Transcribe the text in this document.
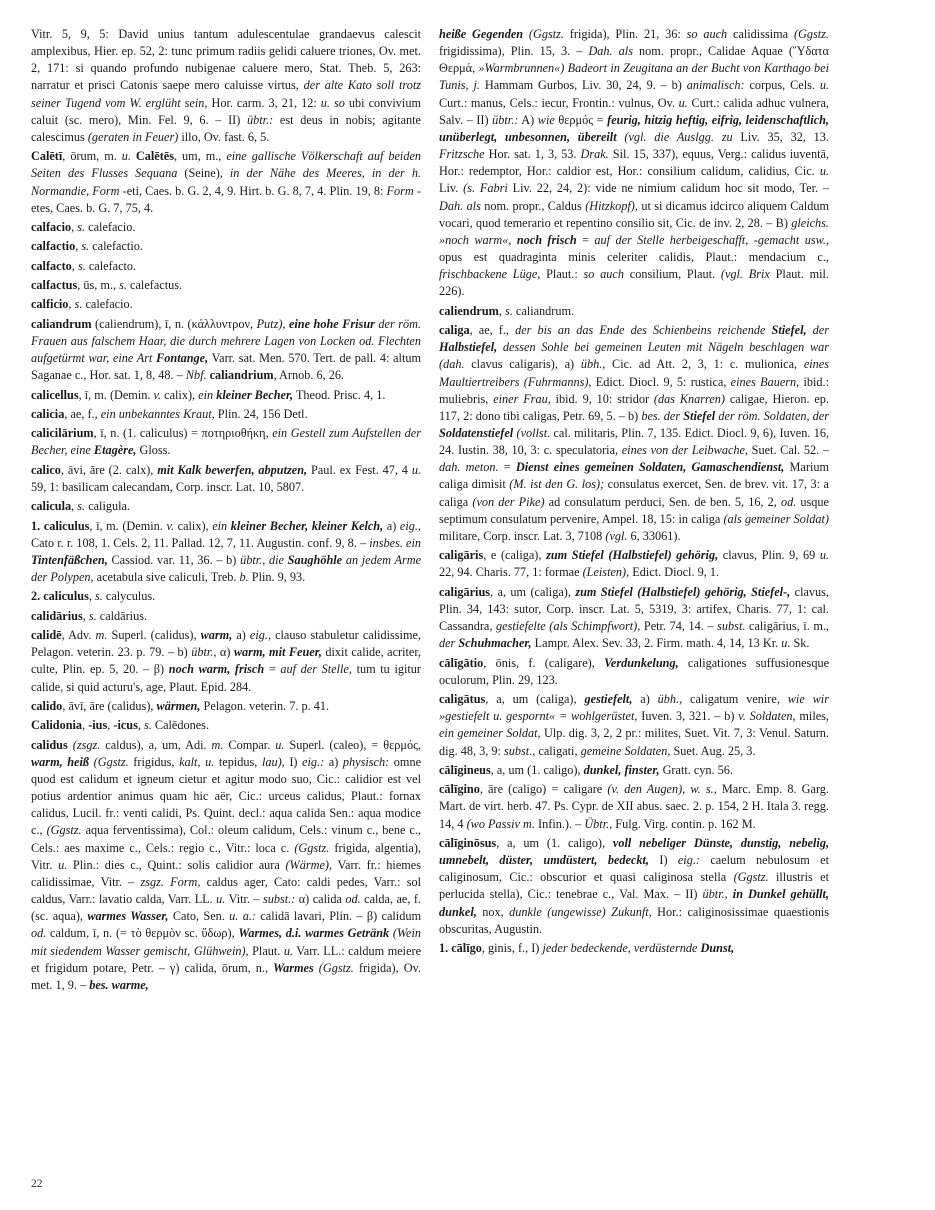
Vitr. 5, 9, 5: David unius tantum adulescentulae grandaevus calescit amplexibus, Hier. ep. 52, 2: tunc primum radiis gelidi caluere triones, Ov. met. 2, 171: si quando profundo nubigenae caluere mero, Stat. Theb. 5, 263: narratur et prisci Catonis saepe mero caluisse virtus, der alte Kato soll trotz seiner Tugend vom W. erglüht sein, Hor. carm. 3, 21, 12: u. so ubi convivium caluit (sc. mero), Min. Fel. 9, 6. – II) übtr.: est deus in nobis; agitante calescimus (geraten in Feuer) illo, Ov. fast. 6, 5.

Calētī, ōrum, m. u. Calētēs, um, m., eine gallische Völkerschaft auf beiden Seiten des Flusses Sequana (Seine), in der Nähe des Meeres, in der h. Normandie, Form -eti, Caes. b. G. 2, 4, 9. Hirt. b. G. 8, 7, 4. Plin. 19, 8: Form -etes, Caes. b. G. 7, 75, 4.

calfacio, s. calefacio.

calfactio, s. calefactio.

calfacto, s. calefacto.

calfactus, ūs, m., s. calefactus.

calficio, s. calefacio.

caliandrum (caliendrum), ī, n. (κάλλυντρον, Putz), eine hohe Frisur der röm. Frauen aus falschem Haar, die durch mehrere Lagen von Locken od. Flechten aufgetürmt war, eine Art Fontange, Varr. sat. Men. 570. Tert. de pall. 4: altum Saganae c., Hor. sat. 1, 8, 48. – Nbf. caliandrium, Arnob. 6, 26.

calicellus, ī, m. (Demin. v. calix), ein kleiner Becher, Theod. Prisc. 4, 1.

calicia, ae, f., ein unbekanntes Kraut, Plin. 24, 156 Detl.

calicilārium, ī, n. (1. caliculus) = ποτηριοθήκη, ein Gestell zum Aufstellen der Becher, eine Etagère, Gloss.

calico, āvi, āre (2. calx), mit Kalk bewerfen, abputzen, Paul. ex Fest. 47, 4 u. 59, 1: basilicam calecandam, Corp. inscr. Lat. 10, 5807.

calicula, s. caligula.

1. caliculus, ī, m. (Demin. v. calix), ein kleiner Becher, kleiner Kelch, a) eig., Cato r. r. 108, 1. Cels. 2, 11. Pallad. 12, 7, 11. Augustin. conf. 9, 8. – insbes. ein Tintenfäßchen, Cassiod. var. 11, 36. – b) übtr., die Saughöhle an jedem Arme der Polypen, acetabula sive caliculi, Treb. b. Plin. 9, 93.

2. caliculus, s. calyculus.

calidārius, s. caldārius.

calidē, Adv. m. Superl. (calidus), warm, a) eig., clauso stabuletur calidissime, Pelagon. veterin. 23. p. 79. – b) übtr., α) warm, mit Feuer, dixit calide, acriter, culte, Plin. ep. 5, 20. – β) noch warm, frisch = auf der Stelle, tum tu igitur calide, si quid acturu's, age, Plaut. Epid. 284.

calido, āvī, āre (calidus), wärmen, Pelagon. veterin. 7. p. 41.

Calidonia, -ius, -icus, s. Calēdones.

calidus (zsgz. caldus), a, um, Adi. m. Compar. u. Superl. (caleo), = θερμός, warm, heiß (Ggstz. frigidus, kalt, u. tepidus, lau), I) eig.: a) physisch: omne quod est calidum et igneum cietur et agitur modo suo, Cic.: calidior est vel potius ardentior animus quam hic aër, Cic.: urceus calidus, Plaut.: fornax calidus, Lucil. fr.: venti calidi, Ps. Quint. decl.: aqua calida Sen.: aqua modice c., (Ggstz. aqua ferventissima), Col.: oleum calidum, Cels.: vinum c., bene c., Cels.: aes maxime c., Cels.: regio c., Vitr.: loca c. (Ggstz. frigida, algentia), Vitr. u. Plin.: dies c., Quint.: solis calidior aura (Wärme), Varr. fr.: hiemes calidissimae, Vitr. – zsgz. Form, caldus ager, Cato: caldi pedes, Varr.: sol caldus, Varr.: lavatio calda, Varr. LL. u. Vitr. – subst.: α) calida od. calda, ae, f. (sc. aqua), warmes Wasser, Cato, Sen. u. a.: calidā lavari, Plin. – β) calidum od. caldum, ī, n. (= τὸ θερμὸν sc. ὕδωρ), Warmes, d.i. warmes Getränk (Wein mit siedendem Wasser gemischt, Glühwein), Plaut. u. Varr. LL.: caldum meiere et frigidum potare, Petr. – γ) calida, ōrum, n., Warmes (Ggstz. frigida), Ov. met. 1, 9. – bes. warme,

heiße Gegenden (Ggstz. frigida), Plin. 21, 36: so auch calidissima (Ggstz. frigidissima), Plin. 15, 3. – Dah. als nom. propr., Calidae Aquae (Ὕδατα Θερμά, »Warmbrunnen«) Badeort in Zeugitana an der Bucht von Karthago bei Tunis, j. Hammam Gurbos, Liv. 30, 24, 9. – b) animalisch: corpus, Cels. u. Curt.: manus, Cels.: iecur, Frontin.: vulnus, Ov. u. Curt.: calida adhuc vulnera, Salv. – II) übtr.: A) wie θερμός = feurig, hitzig heftig, eifrig, leidenschaftlich, unüberlegt, unbesonnen, übereilt (vgl. die Auslgg. zu Liv. 35, 32, 13. Fritzsche Hor. sat. 1, 3, 53. Drak. Sil. 15, 337), equus, Verg.: calidus iuventā, Hor.: redemptor, Hor.: caldior est, Hor.: consilium calidum, calidius, Cic. u. Liv. (s. Fabri Liv. 22, 24, 2): vide ne nimium calidum hoc sit modo, Ter. – Dah. als nom. propr., Caldus (Hitzkopf), ut si dicamus idcirco aliquem Caldum vocari, quod temerario et repentino consilio sit, Cic. de inv. 2, 28. – B) gleichs. »noch warm«, noch frisch = auf der Stelle herbeigeschafft, -gemacht usw., opus est quadraginta minis celeriter calidis, Plaut.: mendacium c., frischbackene Lüge, Plaut.: so auch consilium, Plaut. (vgl. Brix Plaut. mil. 226).

caliendrum, s. caliandrum.

caliga, ae, f., der bis an das Ende des Schienbeins reichende Stiefel, der Halbstiefel, dessen Sohle bei gemeinen Leuten mit Nägeln beschlagen war (dah. clavus caligaris), a) übh., Cic. ad Att. 2, 3, 1: c. mulionica, eines Maultiertreibers (Fuhrmanns), Edict. Diocl. 9, 5: rustica, eines Bauern, ibid.: muliebris, einer Frau, ibid. 9, 10: stridor (das Knarren) caligae, Hieron. ep. 117, 2: dono tibi caligas, Petr. 69, 5. – b) bes. der Stiefel der röm. Soldaten, der Soldatenstiefel (vollst. cal. militaris, Plin. 7, 135. Edict. Diocl. 9, 6), Iuven. 16, 24. Iustin. 38, 10, 3: c. speculatoria, eines von der Leibwache, Suet. Cal. 52. – dah. meton. = Dienst eines gemeinen Soldaten, Gamaschendienst, Marium caliga dimisit (M. ist den G. los); consulatus exercet, Sen. de brev. vit. 17, 3: a caliga (von der Pike) ad consulatum perduci, Sen. de ben. 5, 16, 2, od. usque septimum consulatum pervenire, Ampel. 18, 15: in caliga (als gemeiner Soldat) militare, Corp. inscr. Lat. 3, 7108 (vgl. 6, 33061).

caligāris, e (caliga), zum Stiefel (Halbstiefel) gehörig, clavus, Plin. 9, 69 u. 22, 94. Charis. 77, 1: formae (Leisten), Edict. Diocl. 9, 1.

caligārius, a, um (caliga), zum Stiefel (Halbstiefel) gehörig, Stiefel-, clavus, Plin. 34, 143: sutor, Corp. inscr. Lat. 5, 5319, 3: artifex, Charis. 77, 1: cal. Cassandra, gestiefelte (als Schimpfwort), Petr. 74, 14. – subst. caligārius, ī. m., der Schuhmacher, Lampr. Alex. Sev. 33, 2. Firm. math. 4, 14, 13 Kr. u. Sk.

cālīgātio, ōnis, f. (caligare), Verdunkelung, caligationes suffusionesque oculorum, Plin. 29, 123.

caligātus, a, um (caliga), gestiefelt, a) übh., caligatum venire, wie wir »gestiefelt u. gespornt« = wohlgerüstet, Iuven. 3, 321. – b) v. Soldaten, miles, ein gemeiner Soldat, Ulp. dig. 3, 2, 2 pr.: milites, Suet. Vit. 7, 3: Venul. Saturn. dig. 48, 3, 9: subst., caligati, gemeine Soldaten, Suet. Aug. 25, 3.

cālīgineus, a, um (1. caligo), dunkel, finster, Gratt. cyn. 56.

cālīgino, āre (caligo) = caligare (v. den Augen), w. s., Marc. Emp. 8. Garg. Mart. de virt. herb. 47. Ps. Cypr. de XII abus. saec. 2. p. 154, 2 H. Itala 3. regg. 14, 4 (wo Passiv m. Infin.). – Übtr., Fulg. Virg. contin. p. 162 M.

cālīginōsus, a, um (1. caligo), voll nebeliger Dünste, dunstig, nebelig, umnebelt, düster, umdüstert, bedeckt, I) eig.: caelum nebulosum et caliginosum, Cic.: obscurior et quasi caliginosa stella (Ggstz. illustris et perlucida stella), Cic.: tenebrae c., Val. Max. – II) übtr., in Dunkel gehüllt, dunkel, nox, dunkle (ungewisse) Zukunft, Hor.: caliginosissimae quaestionis obscuritas, Augustin.

1. cālīgo, ginis, f., I) jeder bedeckende, verdüsternde Dunst,

22
